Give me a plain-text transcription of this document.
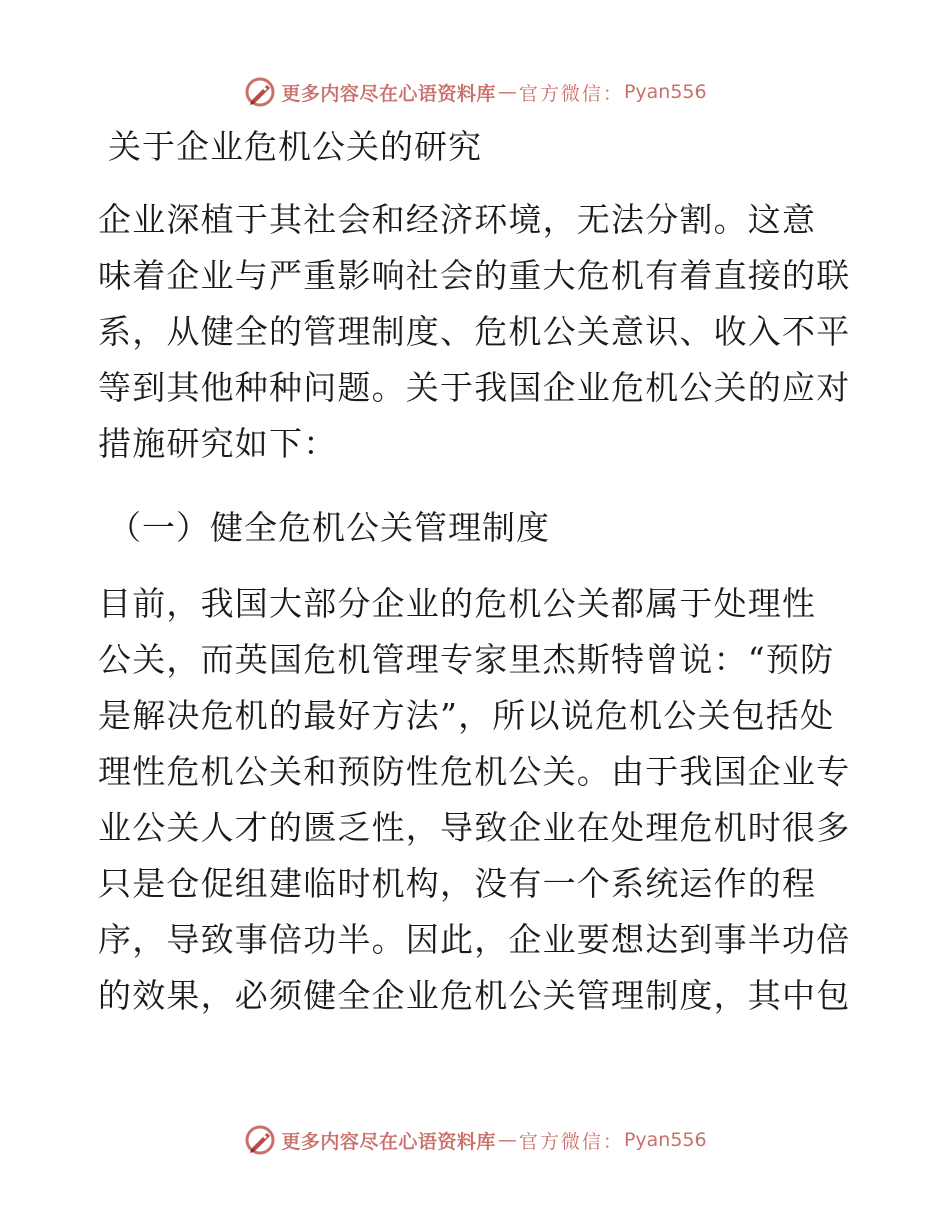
更多内容尽在心语资料库 — 官方微信： Pyan556
关于企业危机公关的研究

企业深植于其社会和经济环境，无法分割。这意
味着企业与严重影响社会的重大危机有着直接的联
系，从健全的管理制度、危机公关意识、收入不平
等到其他种种问题。关于我国企业危机公关的应对
措施研究如下：

（一）健全危机公关管理制度

目前，我国大部分企业的危机公关都属于处理性
公关，而英国危机管理专家里杰斯特曾说：“预防
是解决危机的最好方法”，所以说危机公关包括处
理性危机公关和预防性危机公关。由于我国企业专
业公关人才的匮乏性，导致企业在处理危机时很多
只是仓促组建临时机构，没有一个系统运作的程
序，导致事倍功半。因此，企业要想达到事半功倍
的效果，必须健全企业危机公关管理制度，其中包

更多内容尽在心语资料库 — 官方微信： Pyan556
